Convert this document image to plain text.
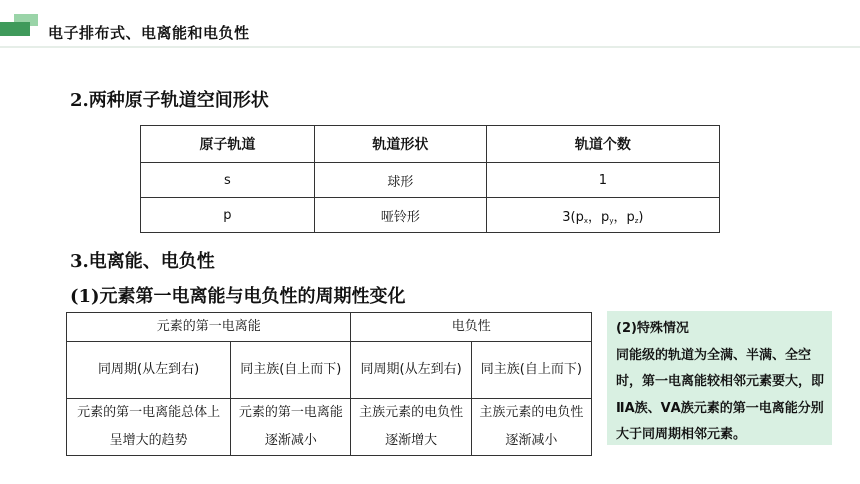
电子排布式、电离能和电负性
2.两种原子轨道空间形状
原子轨道	轨道形状	轨道个数
s	球形	1
p	哑铃形	3(px，py，pz)
3.电离能、电负性
(1)元素第一电离能与电负性的周期性变化
元素的第一电离能		电负性	
同周期(从左到右)	同主族(自上而下)	同周期(从左到右)	同主族(自上而下)
元素的第一电离能总体上呈增大的趋势	元素的第一电离能逐渐减小	主族元素的电负性逐渐增大	主族元素的电负性逐渐减小

(2)特殊情况
同能级的轨道为全满、半满、全空时，第一电离能较相邻元素要大，即ⅡA族、ⅤA族元素的第一电离能分别大于同周期相邻元素。
